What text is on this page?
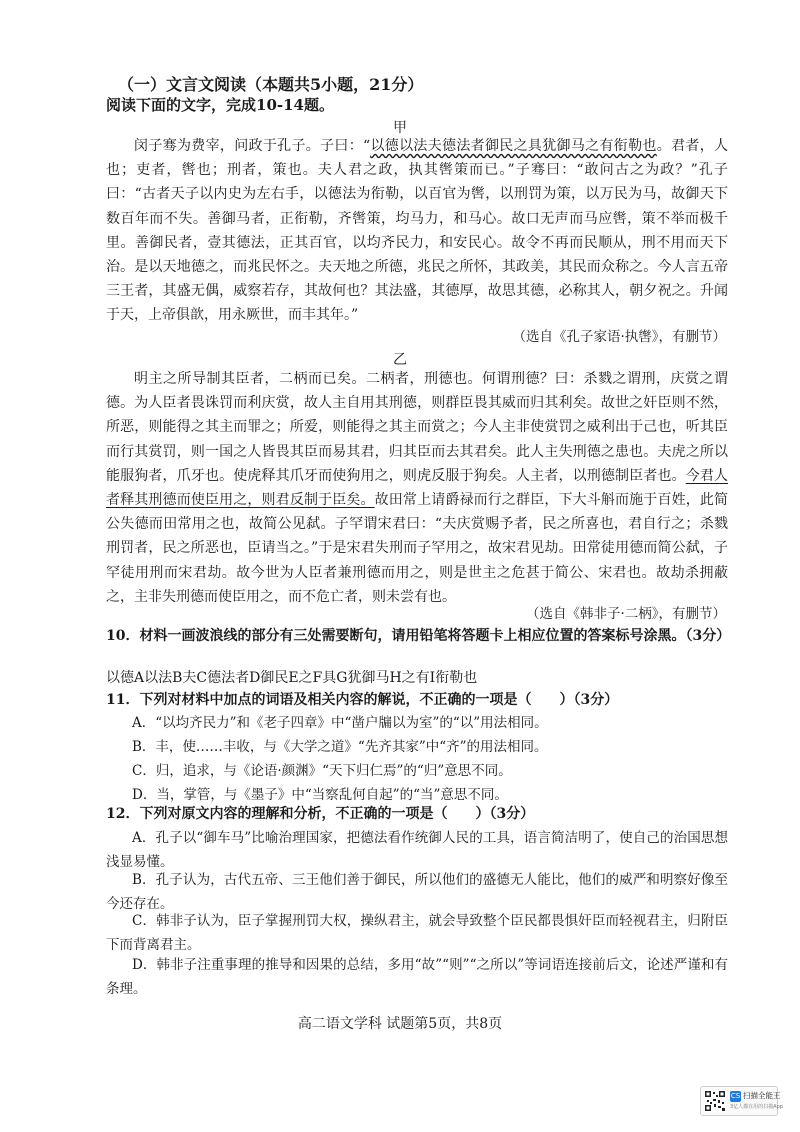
（一）文言文阅读（本题共5小题，21分）
阅读下面的文字，完成10-14题。
甲
闵子骞为费宰，问政于孔子。子曰：“以德以法夫德法者御民之具犹御马之有衔勒也。君者，人也；吏者，辔也；刑者，策也。夫人君之政，执其辔策而已。”子骞曰：“敢问古之为政？”孔子曰：“古者天子以内史为左右手，以德法为衔勒，以百官为辔，以刑罚为策，以万民为马，故御天下数百年而不失。善御马者，正衔勒，齐辔策，均马力，和马心。故口无声而马应辔，策不举而极千里。善御民者，壹其德法，正其百官，以均齐民力，和安民心。故令不再而民顺从，刑不用而天下治。是以天地德之，而兆民怀之。夫天地之所德，兆民之所怀，其政美，其民而众称之。今人言五帝三王者，其盛无偶，威察若存，其故何也？其法盛，其德厚，故思其德，必称其人，朝夕祝之。升闻于天，上帝俱歆，用永厥世，而丰其年。”
（选自《孔子家语·执辔》，有删节）
乙
明主之所导制其臣者，二柄而已矣。二柄者，刑德也。何谓刑德？曰：杀戮之谓刑，庆赏之谓德。为人臣者畏诛罚而利庆赏，故人主自用其刑德，则群臣畏其威而归其利矣。故世之奸臣则不然，所恶，则能得之其主而罪之；所爱，则能得之其主而赏之；今人主非使赏罚之威利出于己也，听其臣而行其赏罚，则一国之人皆畏其臣而易其君，归其臣而去其君矣。此人主失刑德之患也。夫虎之所以能服狗者，爪牙也。使虎释其爪牙而使狗用之，则虎反服于狗矣。人主者，以刑德制臣者也。今君人者释其刑德而使臣用之，则君反制于臣矣。故田常上请爵禄而行之群臣，下大斗斛而施于百姓，此简公失德而田常用之也，故简公见弑。子罕谓宋君曰：“夫庆赏赐予者，民之所喜也，君自行之；杀戮刑罚者，民之所恶也，臣请当之。”于是宋君失刑而子罕用之，故宋君见劫。田常徒用德而简公弑，子罕徒用刑而宋君劫。故今世为人臣者兼刑德而用之，则是世主之危甚于简公、宋君也。故劫杀拥蔽之，主非失刑德而使臣用之，而不危亡者，则未尝有也。
（选自《韩非子·二柄》，有删节）
10．材料一画波浪线的部分有三处需要断句，请用铅笔将答题卡上相应位置的答案标号涂黑。（3分）
以德A以法B夫C德法者D御民E之F具G犹御马H之有I衔勒也
11．下列对材料中加点的词语及相关内容的解说，不正确的一项是（　　）（3分）
A．“以均齐民力”和《老子四章》中“凿户牖以为室”的“以”用法相同。
B．丰，使……丰收，与《大学之道》“先齐其家”中“齐”的用法相同。
C．归，追求，与《论语·颜渊》“天下归仁焉”的“归”意思不同。
D．当，掌管，与《墨子》中“当察乱何自起”的“当”意思不同。
12．下列对原文内容的理解和分析，不正确的一项是（　　）（3分）
A．孔子以“御车马”比喻治理国家，把德法看作统御人民的工具，语言简洁明了，使自己的治国思想浅显易懂。
B．孔子认为，古代五帝、三王他们善于御民，所以他们的盛德无人能比，他们的威严和明察好像至今还存在。
C．韩非子认为，臣子掌握刑罚大权，操纵君主，就会导致整个臣民都畏惧奸臣而轻视君主，归附臣下而背离君主。
D．韩非子注重事理的推导和因果的总结，多用“故”“则”“之所以”等词语连接前后文，论述严谨和有条理。
高二语文学科 试题第5页，共8页
CS 扫描全能王
3亿人都在用的扫描App
